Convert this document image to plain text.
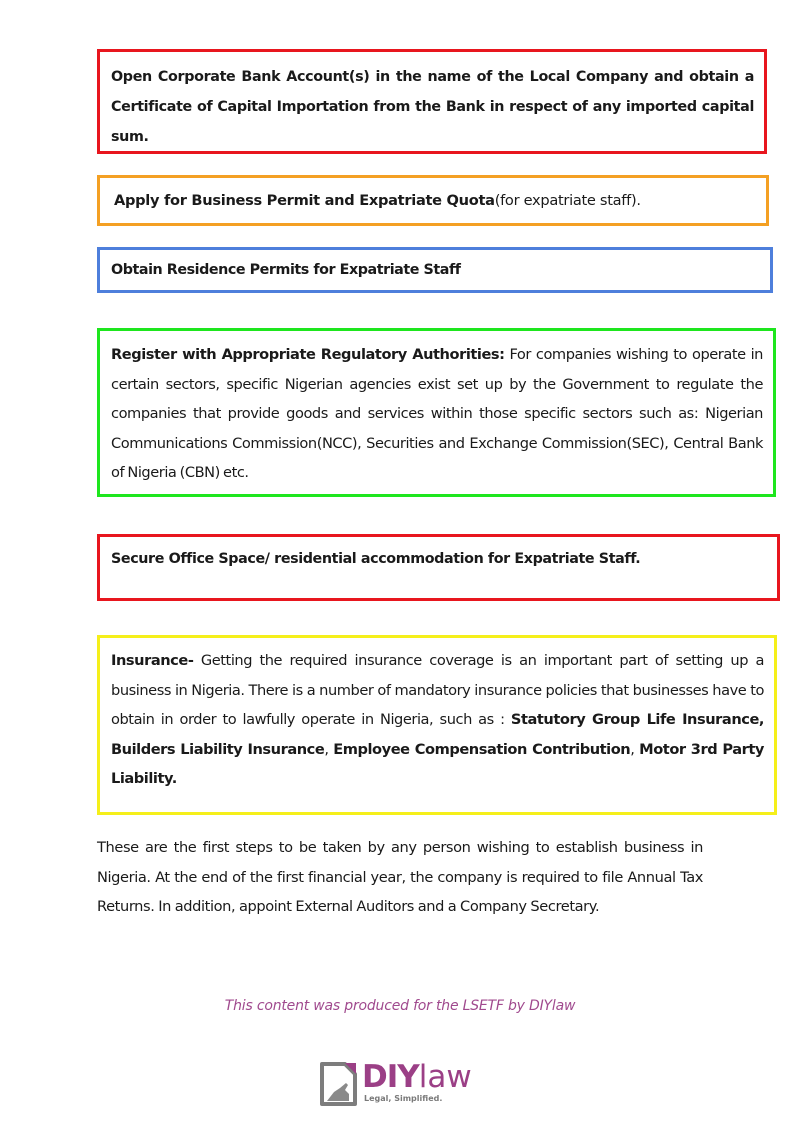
Open Corporate Bank Account(s) in the name of the Local Company and obtain a Certificate of Capital Importation from the Bank in respect of any imported capital sum.

Apply for Business Permit and Expatriate Quota(for expatriate staff).

Obtain Residence Permits for Expatriate Staff

Register with Appropriate Regulatory Authorities: For companies wishing to operate in certain sectors, specific Nigerian agencies exist set up by the Government to regulate the companies that provide goods and services within those specific sectors such as: Nigerian Communications Commission(NCC), Securities and Exchange Commission(SEC), Central Bank of Nigeria (CBN) etc.

Secure Office Space/ residential accommodation for Expatriate Staff.

Insurance- Getting the required insurance coverage is an important part of setting up a business in Nigeria. There is a number of mandatory insurance policies that businesses have to obtain in order to lawfully operate in Nigeria, such as : Statutory Group Life Insurance, Builders Liability Insurance, Employee Compensation Contribution, Motor 3rd Party Liability.

These are the first steps to be taken by any person wishing to establish business in Nigeria. At the end of the first financial year, the company is required to file Annual Tax Returns. In addition, appoint External Auditors and a Company Secretary.

This content was produced for the LSETF by DIYlaw
DIYlaw
Legal, Simplified.
